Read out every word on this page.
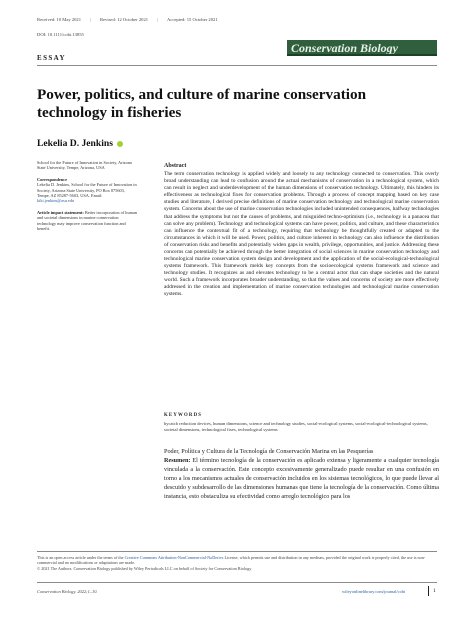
Received: 10 May 2021 | Revised: 12 October 2021 | Accepted: 15 October 2021
DOI: 10.1111/cobi.13855
Conservation Biology
ESSAY
Power, politics, and culture of marine conservation technology in fisheries
Lekelia D. Jenkins
School for the Future of Innovation in Society, Arizona State University, Tempe, Arizona, USA
Correspondence
Lekelia D. Jenkins, School for the Future of Innovation in Society, Arizona State University, PO Box 875603, Tempe, AZ 85287-5603, USA. Email: kiki.jenkins@asu.edu
Article impact statement: Better incorporation of human and societal dimensions in marine conservation technology may improve conservation function and benefit.
Abstract

The term conservation technology is applied widely and loosely to any technology connected to conservation. This overly broad understanding can lead to confusion around the actual mechanisms of conservation in a technological system, which can result in neglect and underdevelopment of the human dimensions of conservation technology. Ultimately, this hinders its effectiveness as technological fixes for conservation problems. Through a process of concept mapping based on key case studies and literature, I derived precise definitions of marine conservation technology and technological marine conservation system. Concerns about the use of marine conservation technologies included unintended consequences, halfway technologies that address the symptoms but not the causes of problems, and misguided techno-optimism (i.e., technology is a panacea that can solve any problem). Technology and technological systems can have power, politics, and culture, and these characteristics can influence the contextual fit of a technology, requiring that technology be thoughtfully created or adapted to the circumstances in which it will be used. Power, politics, and culture inherent in technology can also influence the distribution of conservation risks and benefits and potentially widen gaps in wealth, privilege, opportunities, and justice. Addressing these concerns can potentially be achieved through the better integration of social sciences in marine conservation technology and technological marine conservation system design and development and the application of the social-ecological-technological systems framework. This framework melds key concepts from the socioecological systems framework and science and technology studies. It recognizes as and elevates technology to be a central actor that can shape societies and the natural world. Such a framework incorporates broader understanding, so that the values and concerns of society are more effectively addressed in the creation and implementation of marine conservation technologies and technological marine conservation systems.

KEYWORDS
bycatch reduction devices, human dimensions, science and technology studies, social-ecological systems, social-ecological-technological systems, societal dimensions, technological fixes, technological systems
Poder, Política y Cultura de la Tecnología de Conservación Marina en las Pesquerías

Resumen: El término tecnología de la conservación es aplicado extensa y ligeramente a cualquier tecnología vinculada a la conservación. Este concepto excesivamente generalizado puede resultar en una confusión en torno a los mecanismos actuales de conservación incluidos en los sistemas tecnológicos, lo que puede llevar al descuido y subdesarrollo de las dimensiones humanas que tiene la tecnología de la conservación. Como última instancia, esto obstaculiza su efectividad como arreglo tecnológico para los

This is an open access article under the terms of the Creative Commons Attribution-NonCommercial-NoDerivs License, which permits use and distribution in any medium, provided the original work is properly cited, the use is non-commercial and no modifications or adaptations are made.
© 2021 The Authors. Conservation Biology published by Wiley Periodicals LLC on behalf of Society for Conservation Biology
Conservation Biology. 2022;1–10.	wileyonlinelibrary.com/journal/cobi	1
